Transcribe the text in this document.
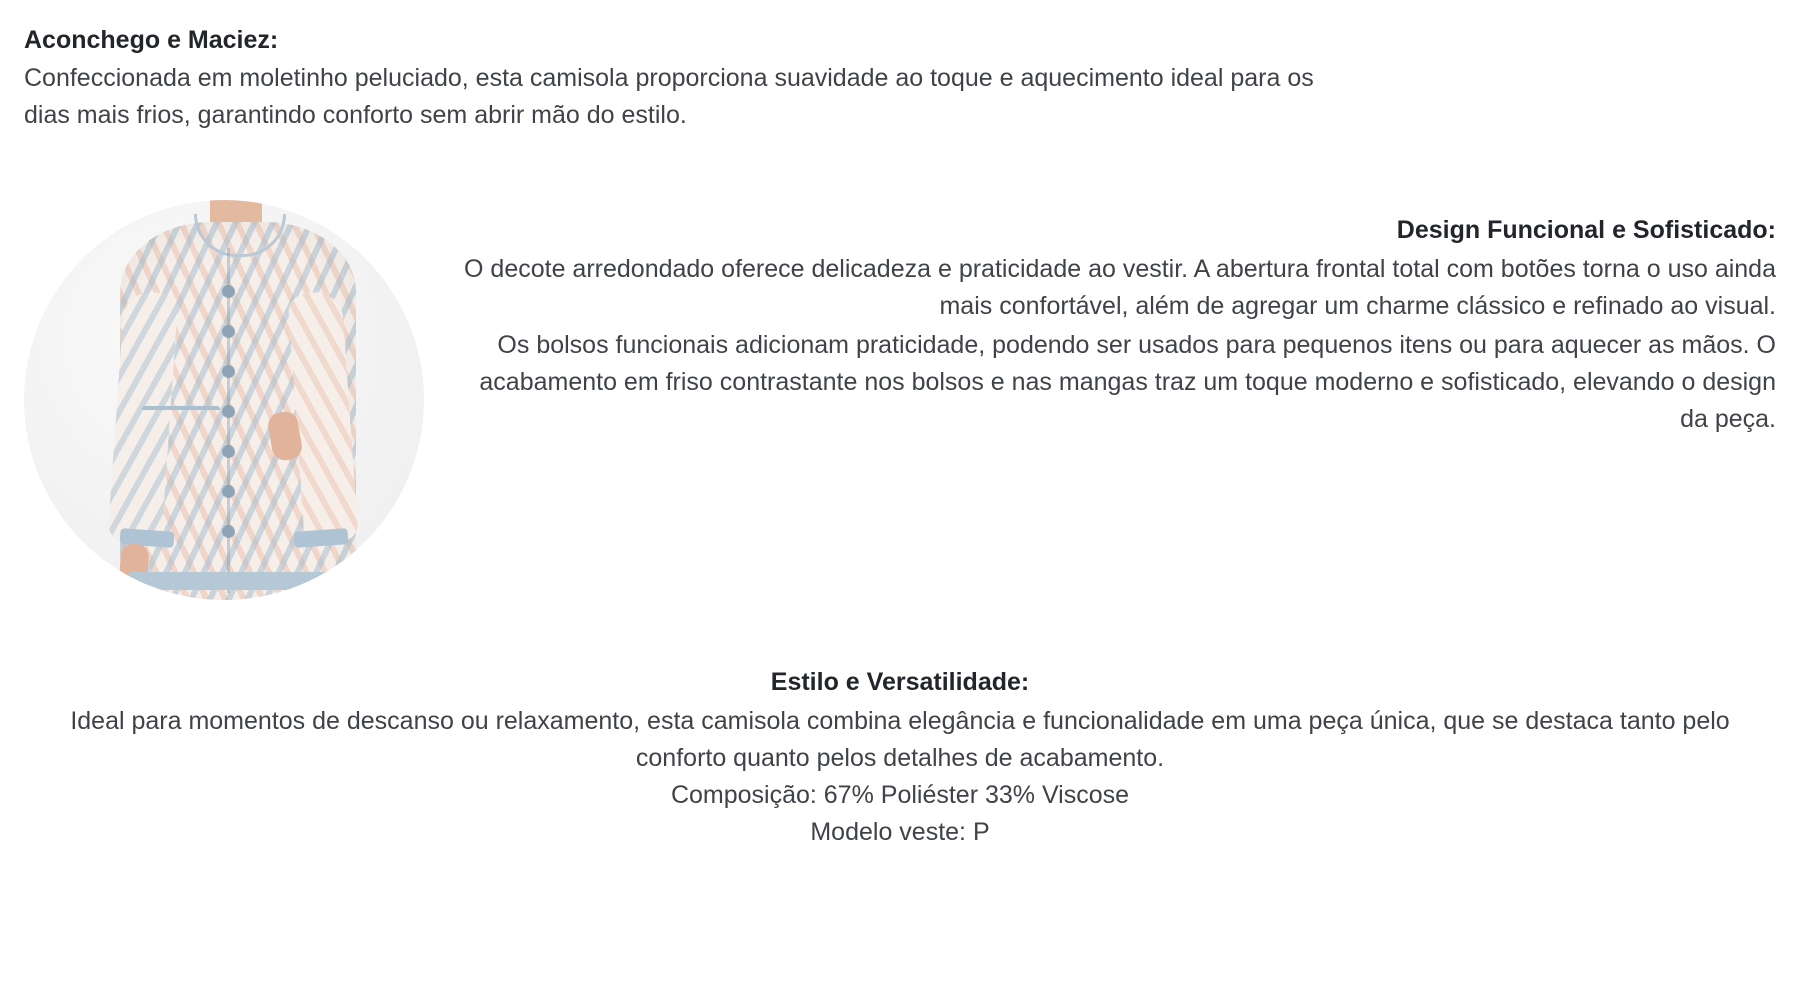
Aconchego e Maciez:

Confeccionada em moletinho peluciado, esta camisola proporciona suavidade ao toque e aquecimento ideal para os

dias mais frios, garantindo conforto sem abrir mão do estilo.

Design Funcional e Sofisticado:

O decote arredondado oferece delicadeza e praticidade ao vestir. A abertura frontal total com botões torna o uso ainda mais confortável, além de agregar um charme clássico e refinado ao visual.

Os bolsos funcionais adicionam praticidade, podendo ser usados para pequenos itens ou para aquecer as mãos. O acabamento em friso contrastante nos bolsos e nas mangas traz um toque moderno e sofisticado, elevando o design da peça.

Estilo e Versatilidade:

Ideal para momentos de descanso ou relaxamento, esta camisola combina elegância e funcionalidade em uma peça única, que se destaca tanto pelo conforto quanto pelos detalhes de acabamento.

Composição: 67% Poliéster 33% Viscose

Modelo veste: P
